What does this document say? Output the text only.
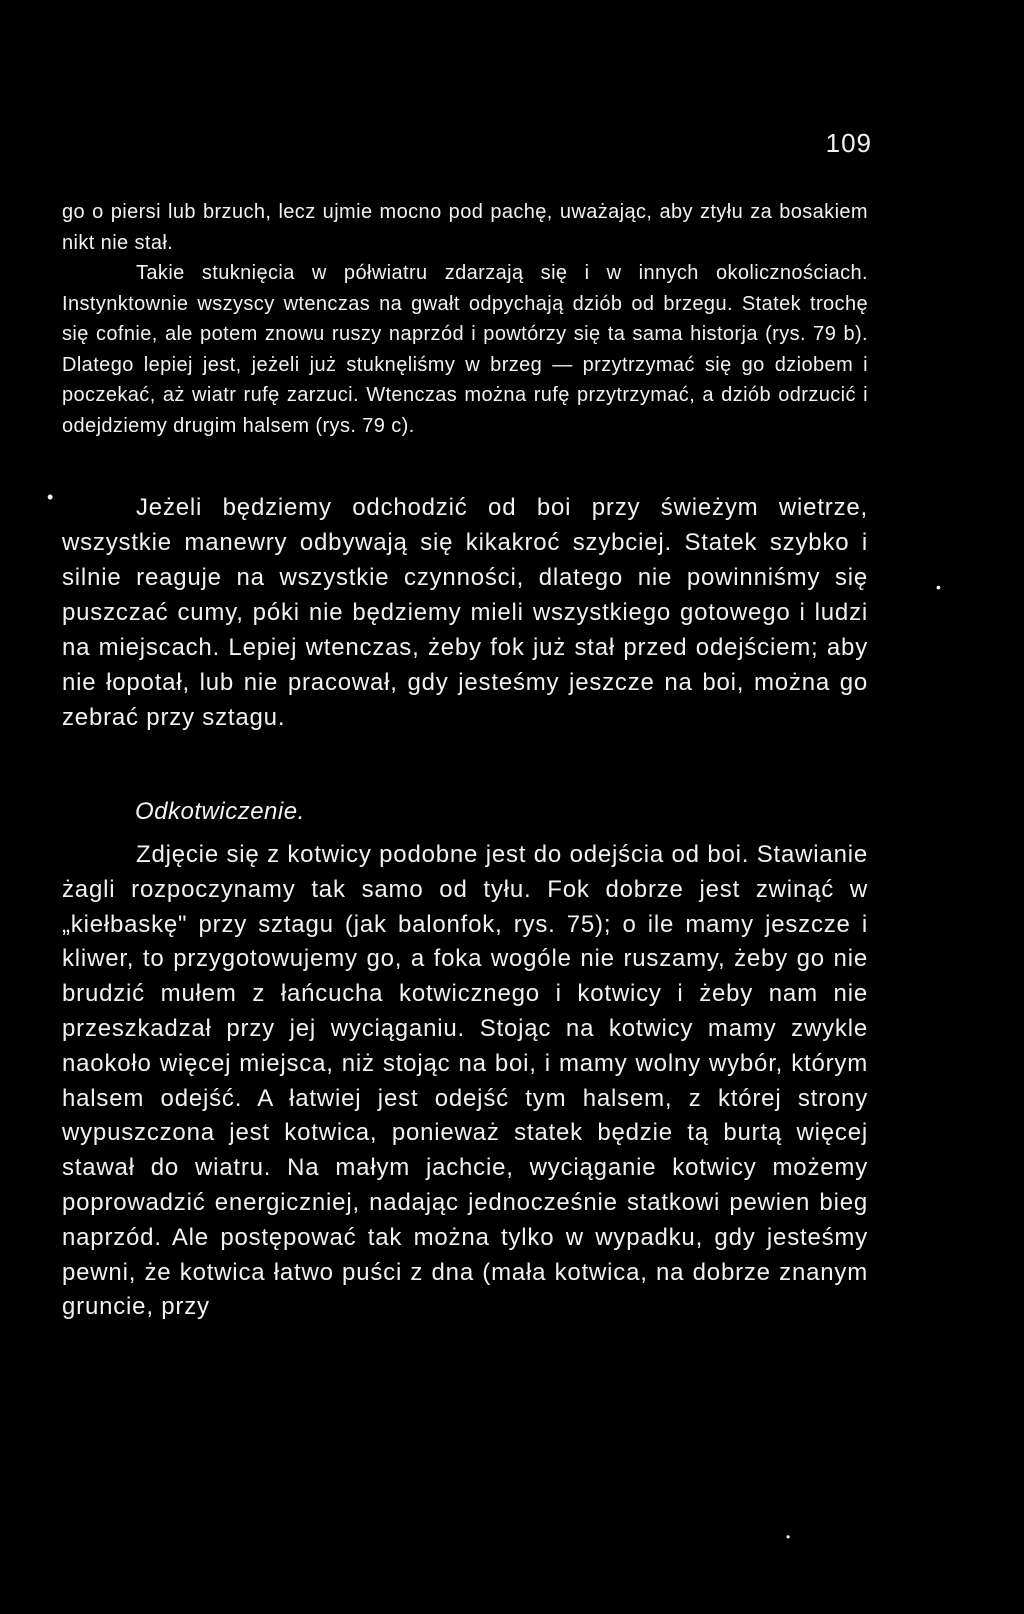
109
go o piersi lub brzuch, lecz ujmie mocno pod pachę, uważając, aby ztyłu za bosakiem nikt nie stał.
Takie stuknięcia w półwiatru zdarzają się i w innych okolicznościach. Instynktownie wszyscy wtenczas na gwałt odpychają dziób od brzegu. Statek trochę się cofnie, ale potem znowu ruszy naprzód i powtórzy się ta sama historja (rys. 79 b). Dlatego lepiej jest, jeżeli już stuknęliśmy w brzeg — przytrzymać się go dziobem i poczekać, aż wiatr rufę zarzuci. Wtenczas można rufę przytrzymać, a dziób odrzucić i odejdziemy drugim halsem (rys. 79 c).
•	Jeżeli będziemy odchodzić od boi przy świeżym wietrze, wszystkie manewry odbywają się kikakroć szybciej. Statek szybko i silnie reaguje na wszystkie czynności, dlatego nie powinniśmy się puszczać cumy, póki nie będziemy mieli wszystkiego gotowego i ludzi na miejscach. Lepiej wtenczas, żeby fok już stał przed odejściem; aby nie łopotał, lub nie pracował, gdy jesteśmy jeszcze na boi, można go zebrać przy sztagu.
•
Odkotwiczenie.
Zdjęcie się z kotwicy podobne jest do odejścia od boi. Stawianie żagli rozpoczynamy tak samo od tyłu. Fok dobrze jest zwinąć w „kiełbaskę" przy sztagu (jak balonfok, rys. 75); o ile mamy jeszcze i kliwer, to przygotowujemy go, a foka wogóle nie ruszamy, żeby go nie brudzić mułem z łańcucha kotwicznego i kotwicy i żeby nam nie przeszkadzał przy jej wyciąganiu. Stojąc na kotwicy mamy zwykle naokoło więcej miejsca, niż stojąc na boi, i mamy wolny wybór, którym halsem odejść. A łatwiej jest odejść tym halsem, z której strony wypuszczona jest kotwica, ponieważ statek będzie tą burtą więcej stawał do wiatru. Na małym jachcie, wyciąganie kotwicy możemy poprowadzić energiczniej, nadając jednocześnie statkowi pewien bieg naprzód. Ale postępować tak można tylko w wypadku, gdy jesteśmy pewni, że kotwica łatwo puści z dna (mała kotwica, na dobrze znanym gruncie, przy
•
